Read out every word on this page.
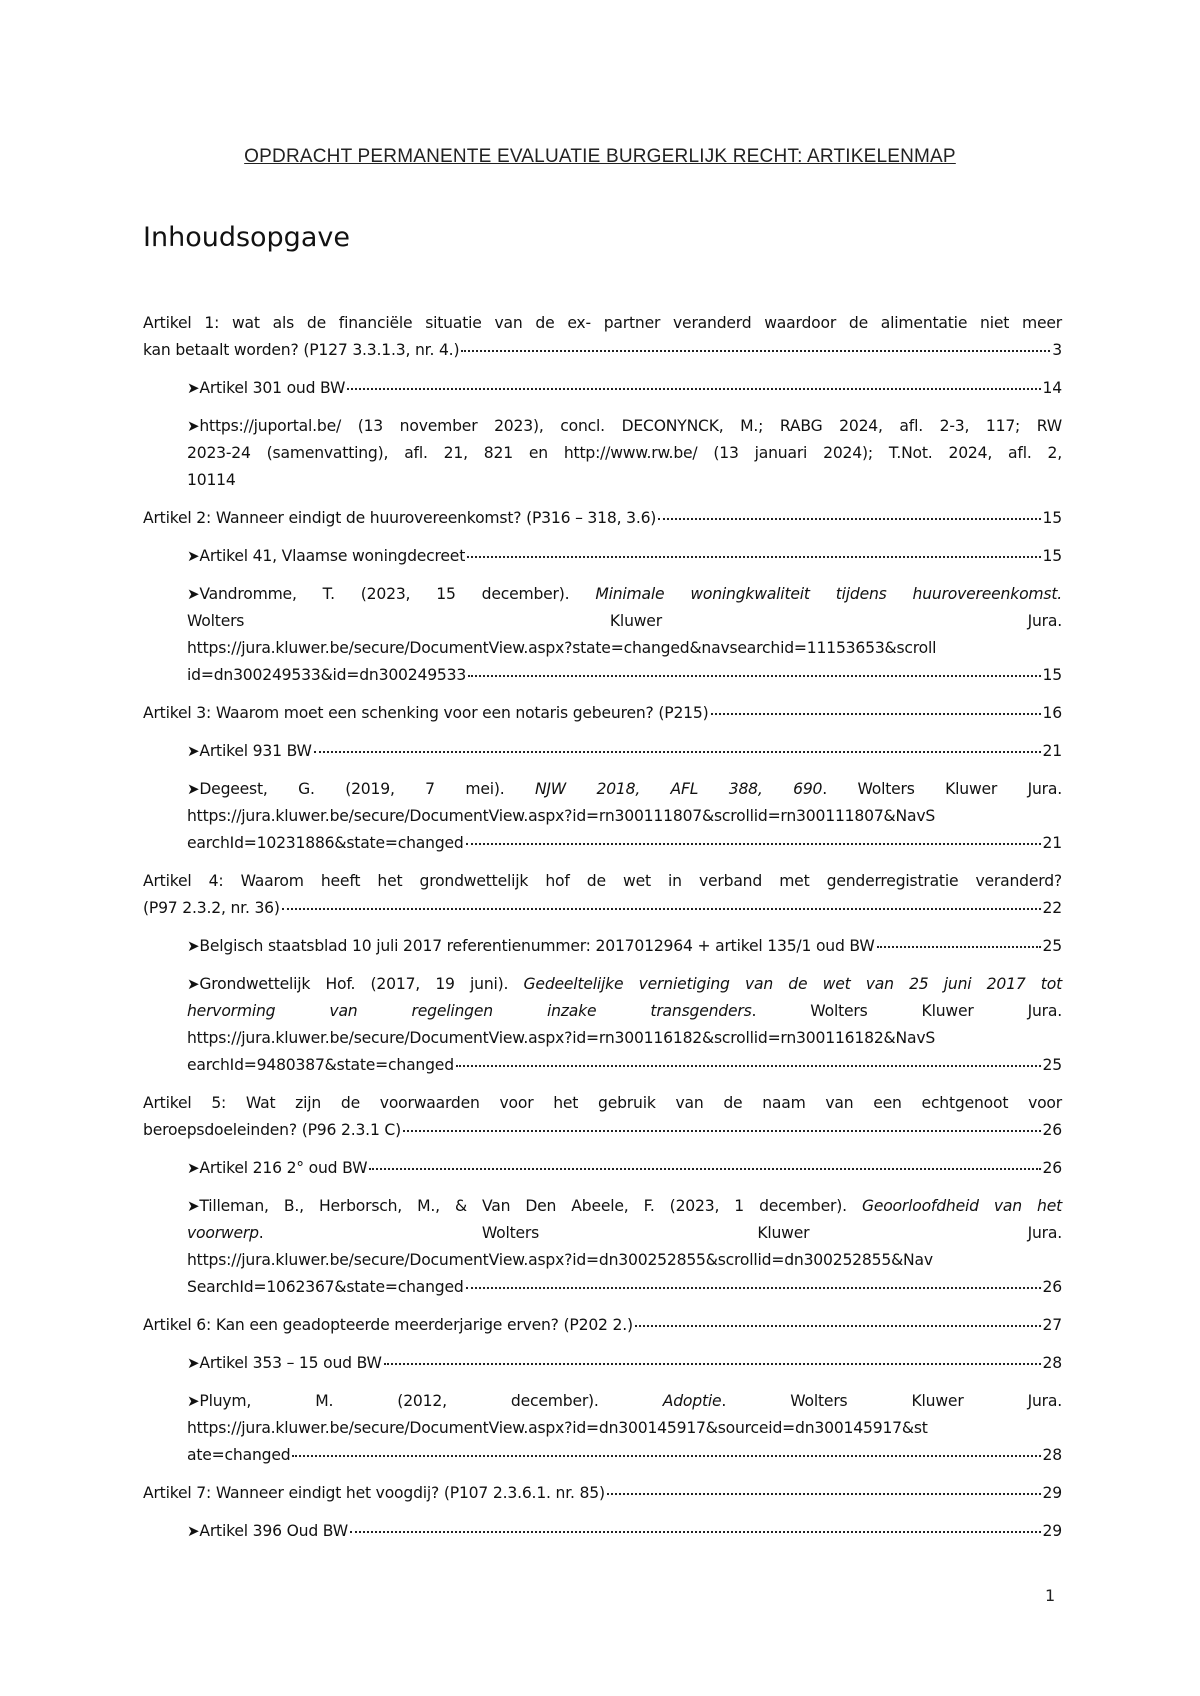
OPDRACHT PERMANENTE EVALUATIE BURGERLIJK RECHT: ARTIKELENMAP
Inhoudsopgave
Artikel 1: wat als de financiële situatie van de ex- partner veranderd waardoor de alimentatie niet meer
kan betaalt worden? (P127 3.3.1.3, nr. 4.)	3
➤Artikel 301 oud BW	14
➤https://juportal.be/ (13 november 2023), concl. DECONYNCK, M.; RABG 2024, afl. 2-3, 117; RW
2023-24 (samenvatting), afl. 21, 821 en http://www.rw.be/ (13 januari 2024); T.Not. 2024, afl. 2,
10114
Artikel 2: Wanneer eindigt de huurovereenkomst? (P316 – 318, 3.6)	15
➤Artikel 41, Vlaamse woningdecreet	15
➤Vandromme, T. (2023, 15 december). Minimale woningkwaliteit tijdens huurovereenkomst.
Wolters Kluwer Jura.
https://jura.kluwer.be/secure/DocumentView.aspx?state=changed&navsearchid=11153653&scroll
id=dn300249533&id=dn300249533	15
Artikel 3: Waarom moet een schenking voor een notaris gebeuren? (P215)	16
➤Artikel 931 BW	21
➤Degeest, G. (2019, 7 mei). NJW 2018, AFL 388, 690. Wolters Kluwer Jura.
https://jura.kluwer.be/secure/DocumentView.aspx?id=rn300111807&scrollid=rn300111807&NavS
earchId=10231886&state=changed	21
Artikel 4: Waarom heeft het grondwettelijk hof de wet in verband met genderregistratie veranderd?
(P97 2.3.2, nr. 36)	22
➤Belgisch staatsblad 10 juli 2017 referentienummer: 2017012964 + artikel 135/1 oud BW	25
➤Grondwettelijk Hof. (2017, 19 juni). Gedeeltelijke vernietiging van de wet van 25 juni 2017 tot
hervorming van regelingen inzake transgenders. Wolters Kluwer Jura.
https://jura.kluwer.be/secure/DocumentView.aspx?id=rn300116182&scrollid=rn300116182&NavS
earchId=9480387&state=changed	25
Artikel 5: Wat zijn de voorwaarden voor het gebruik van de naam van een echtgenoot voor
beroepsdoeleinden? (P96 2.3.1 C)	26
➤Artikel 216 2° oud BW	26
➤Tilleman, B., Herborsch, M., & Van Den Abeele, F. (2023, 1 december). Geoorloofdheid van het
voorwerp. Wolters Kluwer Jura.
https://jura.kluwer.be/secure/DocumentView.aspx?id=dn300252855&scrollid=dn300252855&Nav
SearchId=1062367&state=changed	26
Artikel 6: Kan een geadopteerde meerderjarige erven? (P202 2.)	27
➤Artikel 353 – 15 oud BW	28
➤Pluym, M. (2012, december). Adoptie. Wolters Kluwer Jura.
https://jura.kluwer.be/secure/DocumentView.aspx?id=dn300145917&sourceid=dn300145917&st
ate=changed	28
Artikel 7: Wanneer eindigt het voogdij? (P107 2.3.6.1. nr. 85)	29
➤Artikel 396 Oud BW	29
1
